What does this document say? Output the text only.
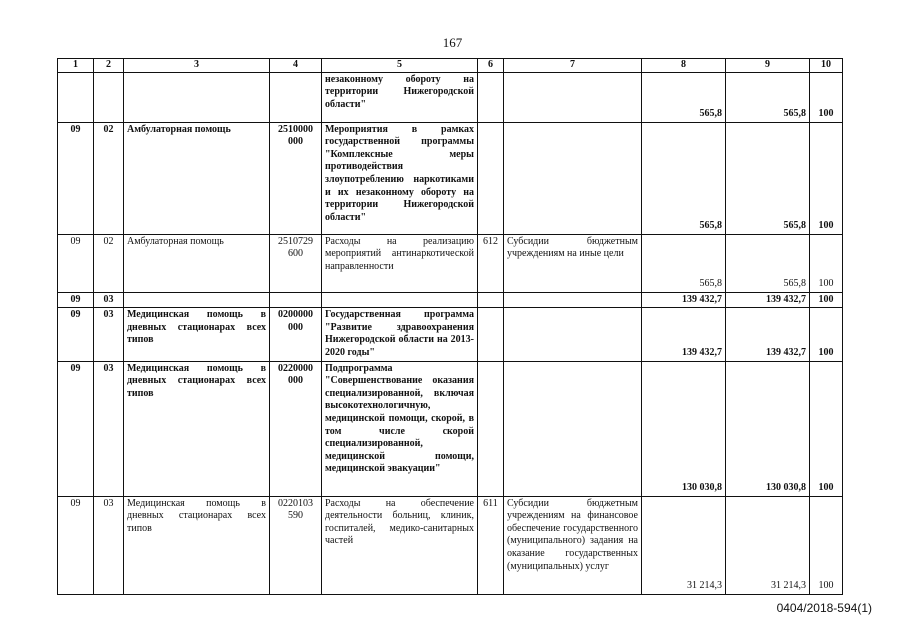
167
1	2	3	4	5	6	7	8	9	10
				незаконному обороту на территории Нижегородской области"			565,8	565,8	100
09	02	Амбулаторная помощь	2510000 000	Мероприятия в рамках государственной программы "Комплексные меры противодействия злоупотреблению наркотиками и их незаконному обороту на территории Нижегородской области"			565,8	565,8	100
09	02	Амбулаторная помощь	2510729 600	Расходы на реализацию мероприятий антинаркотической направленности	612	Субсидии бюджетным учреждениям на иные цели	565,8	565,8	100
09	03						139 432,7	139 432,7	100
09	03	Медицинская помощь в дневных стационарах всех типов	0200000 000	Государственная программа "Развитие здравоохранения Нижегородской области на 2013-2020 годы"			139 432,7	139 432,7	100
09	03	Медицинская помощь в дневных стационарах всех типов	0220000 000	Подпрограмма "Совершенствование оказания специализированной, включая высокотехнологичную, медицинской помощи, скорой, в том числе скорой специализированной, медицинской помощи, медицинской эвакуации"			130 030,8	130 030,8	100
09	03	Медицинская помощь в дневных стационарах всех типов	0220103 590	Расходы на обеспечение деятельности больниц, клиник, госпиталей, медико-санитарных частей	611	Субсидии бюджетным учреждениям на финансовое обеспечение государственного (муниципального) задания на оказание государственных (муниципальных) услуг	31 214,3	31 214,3	100
0404/2018-594(1)
